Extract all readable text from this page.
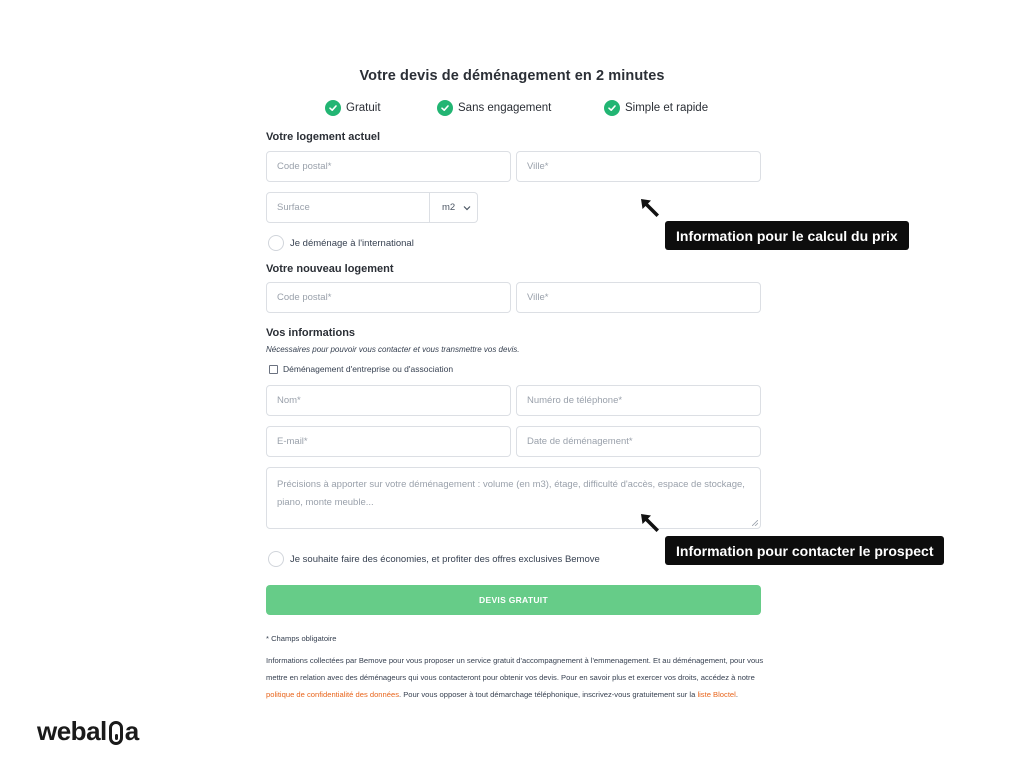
Votre devis de déménagement en 2 minutes
Gratuit	Sans engagement	Simple et rapide
Votre logement actuel
Code postal*	Ville*
Surface	m2
Je déménage à l'international
Votre nouveau logement
Code postal*	Ville*
Vos informations
Nécessaires pour pouvoir vous contacter et vous transmettre vos devis.
Déménagement d'entreprise ou d'association
Nom*	Numéro de téléphone*
E-mail*	Date de déménagement*
Précisions à apporter sur votre déménagement : volume (en m3), étage, difficulté d'accès, espace de stockage, piano, monte meuble...
Je souhaite faire des économies, et profiter des offres exclusives Bemove
DEVIS GRATUIT
* Champs obligatoire
Informations collectées par Bemove pour vous proposer un service gratuit d'accompagnement à l'emmenagement. Et au déménagement, pour vous mettre en relation avec des déménageurs qui vous contacteront pour obtenir vos devis. Pour en savoir plus et exercer vos droits, accédez à notre politique de confidentialité des données. Pour vous opposer à tout démarchage téléphonique, inscrivez-vous gratuitement sur la liste Bloctel.
Information pour le calcul du prix
Information pour contacter le prospect
webal a
